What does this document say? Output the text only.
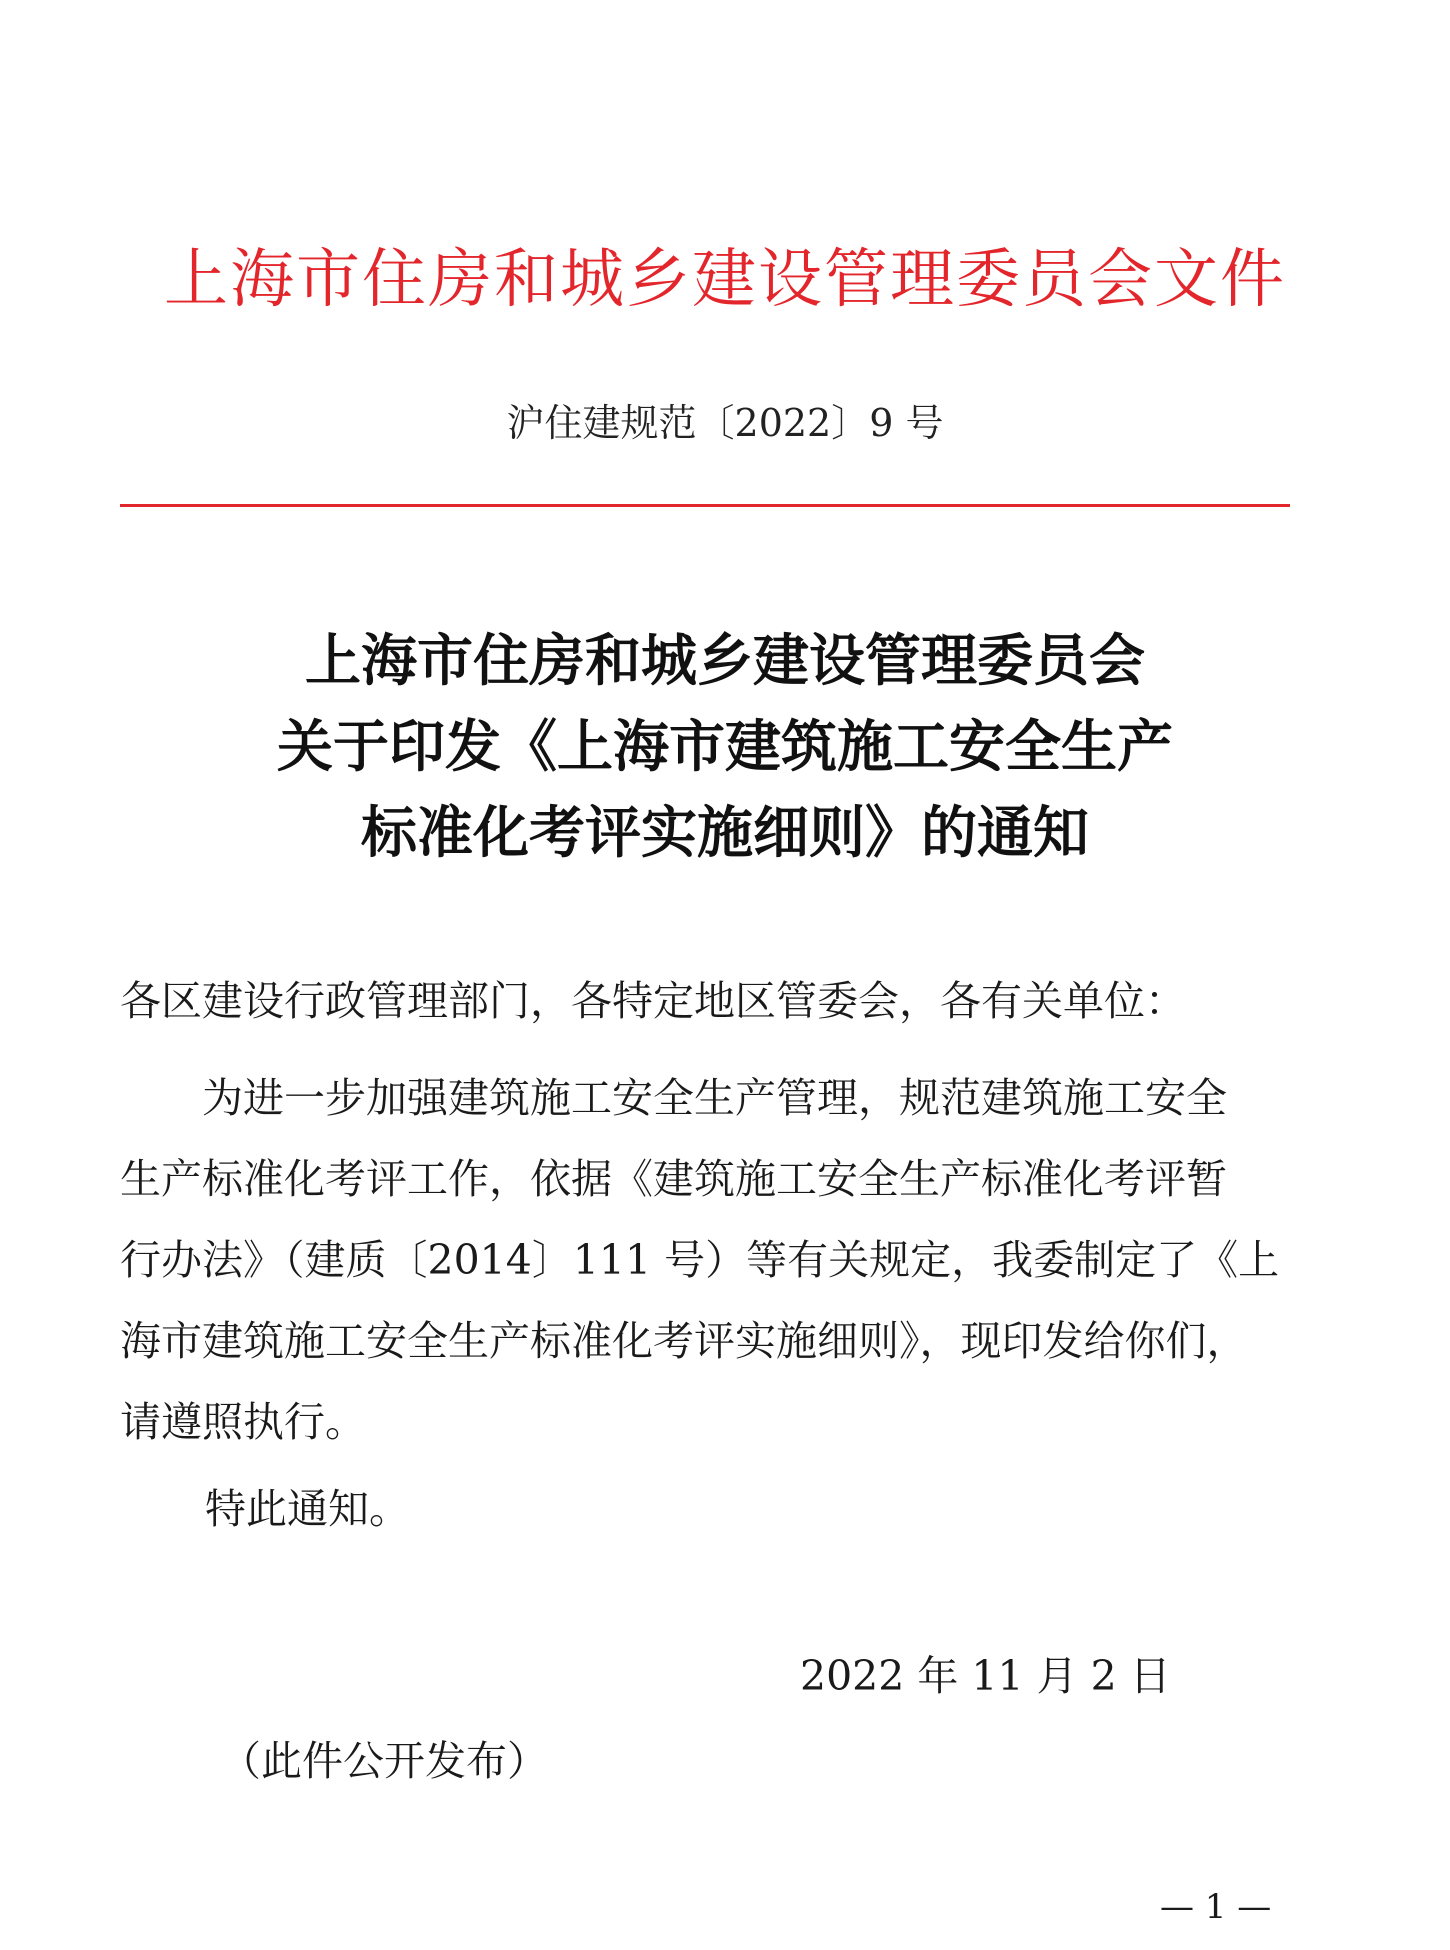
上海市住房和城乡建设管理委员会文件
沪住建规范〔2022〕9 号
上海市住房和城乡建设管理委员会
关于印发《上海市建筑施工安全生产
标准化考评实施细则》的通知
各区建设行政管理部门，各特定地区管委会，各有关单位：
　　为进一步加强建筑施工安全生产管理，规范建筑施工安全
生产标准化考评工作，依据《建筑施工安全生产标准化考评暂
行办法》（建质〔2014〕111 号）等有关规定，我委制定了《上
海市建筑施工安全生产标准化考评实施细则》，现印发给你们，
请遵照执行。
特此通知。
2022 年 11 月 2 日
（此件公开发布）
— 1 —
